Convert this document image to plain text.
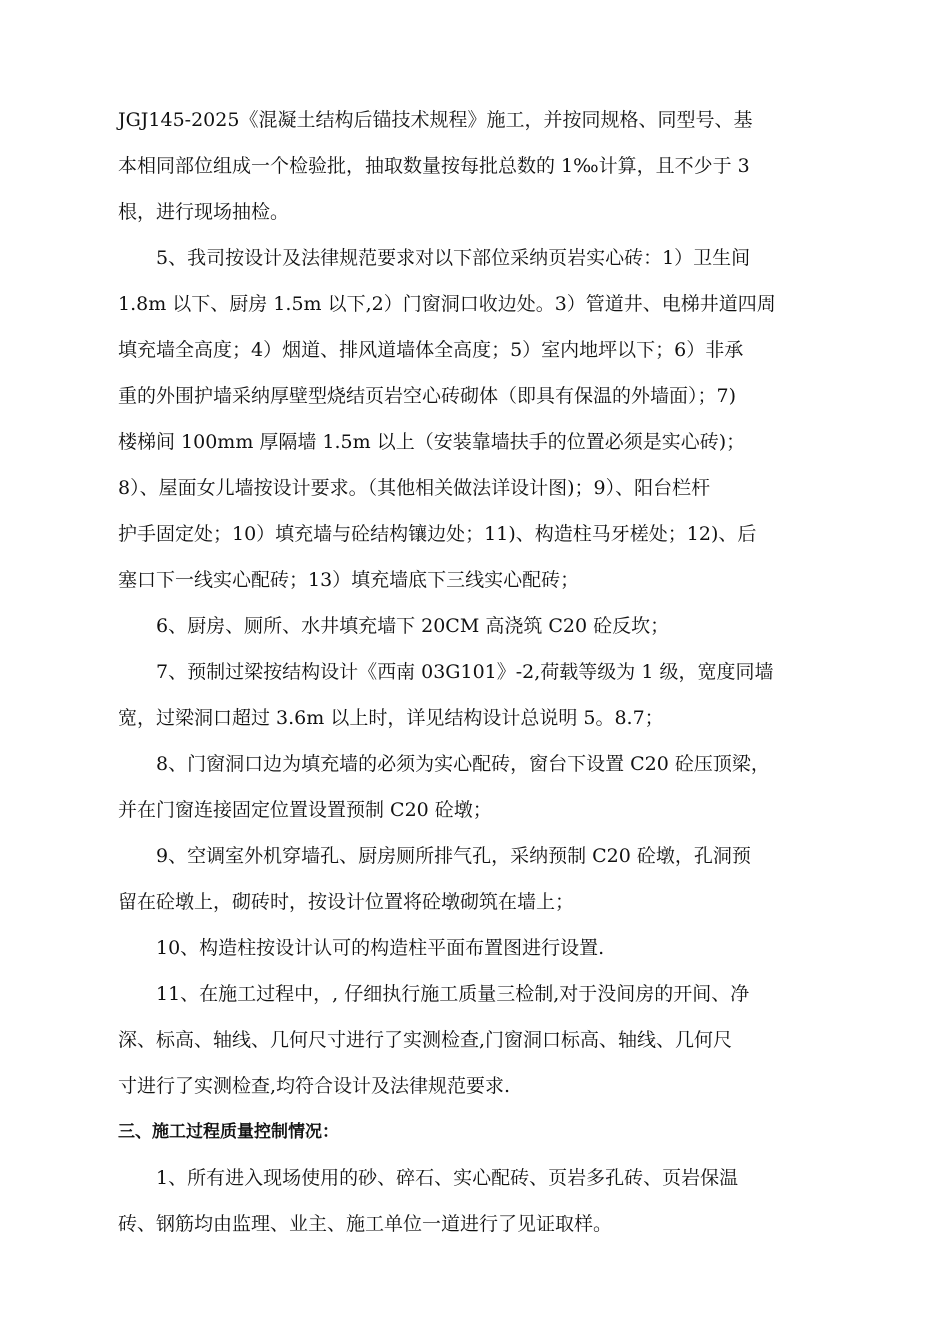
JGJ145-2025《混凝土结构后锚技术规程》施工，并按同规格、同型号、基
本相同部位组成一个检验批，抽取数量按每批总数的 1‰计算，且不少于 3
根，进行现场抽检。
　　5、我司按设计及法律规范要求对以下部位采纳页岩实心砖：1）卫生间
1.8m 以下、厨房 1.5m 以下,2）门窗洞口收边处。3）管道井、电梯井道四周
填充墙全高度；4）烟道、排风道墙体全高度；5）室内地坪以下；6）非承
重的外围护墙采纳厚壁型烧结页岩空心砖砌体（即具有保温的外墙面）；7)
楼梯间 100mm 厚隔墙 1.5m 以上（安装靠墙扶手的位置必须是实心砖)；
8）、屋面女儿墙按设计要求。（其他相关做法详设计图)；9）、阳台栏杆
护手固定处；10）填充墙与砼结构镶边处；11)、构造柱马牙槎处；12)、后
塞口下一线实心配砖；13）填充墙底下三线实心配砖；
　　6、厨房、厕所、水井填充墙下 20CM 高浇筑 C20 砼反坎；
　　7、预制过梁按结构设计《西南 03G101》-2,荷载等级为 1 级，宽度同墙
宽，过梁洞口超过 3.6m 以上时，详见结构设计总说明 5。8.7；
　　8、门窗洞口边为填充墙的必须为实心配砖，窗台下设置 C20 砼压顶梁，
并在门窗连接固定位置设置预制 C20 砼墩；
　　9、空调室外机穿墙孔、厨房厕所排气孔，采纳预制 C20 砼墩，孔洞预
留在砼墩上，砌砖时，按设计位置将砼墩砌筑在墙上；
　　10、构造柱按设计认可的构造柱平面布置图进行设置.
　　11、在施工过程中，, 仔细执行施工质量三检制,对于没间房的开间、净
深、标高、轴线、几何尺寸进行了实测检查,门窗洞口标高、轴线、几何尺
寸进行了实测检查,均符合设计及法律规范要求.
三、施工过程质量控制情况：
　　1、所有进入现场使用的砂、碎石、实心配砖、页岩多孔砖、页岩保温
砖、钢筋均由监理、业主、施工单位一道进行了见证取样。
